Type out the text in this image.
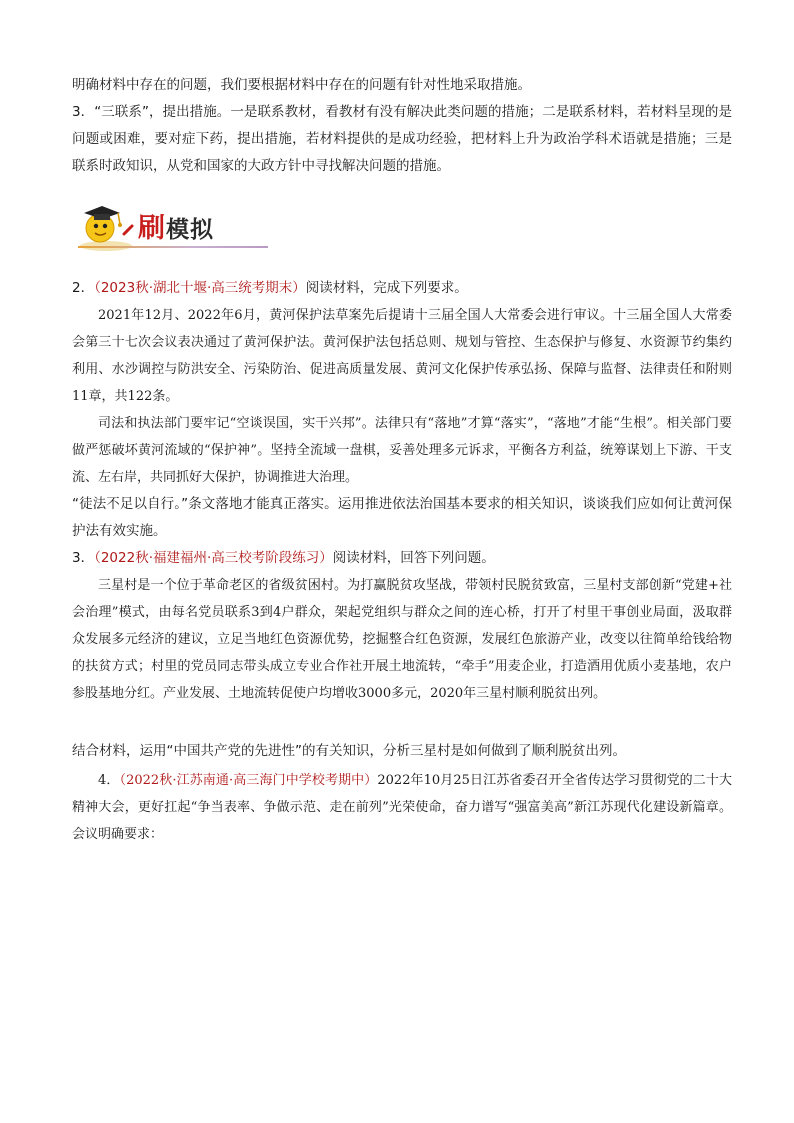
明确材料中存在的问题，我们要根据材料中存在的问题有针对性地采取措施。

3．“三联系”，提出措施。一是联系教材，看教材有没有解决此类问题的措施；二是联系材料，若材料呈现的是问题或困难，要对症下药，提出措施，若材料提供的是成功经验，把材料上升为政治学科术语就是措施；三是联系时政知识，从党和国家的大政方针中寻找解决问题的措施。

刷模拟

2．（2023秋·湖北十堰·高三统考期末）阅读材料，完成下列要求。

2021年12月、2022年6月，黄河保护法草案先后提请十三届全国人大常委会进行审议。十三届全国人大常委会第三十七次会议表决通过了黄河保护法。黄河保护法包括总则、规划与管控、生态保护与修复、水资源节约集约利用、水沙调控与防洪安全、污染防治、促进高质量发展、黄河文化保护传承弘扬、保障与监督、法律责任和附则11章，共122条。

司法和执法部门要牢记“空谈误国，实干兴邦”。法律只有“落地”才算“落实”，“落地”才能“生根”。相关部门要做严惩破坏黄河流域的“保护神”。坚持全流域一盘棋，妥善处理多元诉求，平衡各方利益，统筹谋划上下游、干支流、左右岸，共同抓好大保护，协调推进大治理。

“徒法不足以自行。”条文落地才能真正落实。运用推进依法治国基本要求的相关知识，谈谈我们应如何让黄河保护法有效实施。

3．（2022秋·福建福州·高三校考阶段练习）阅读材料，回答下列问题。

三星村是一个位于革命老区的省级贫困村。为打赢脱贫攻坚战，带领村民脱贫致富，三星村支部创新“党建+社会治理”模式，由每名党员联系3到4户群众，架起党组织与群众之间的连心桥，打开了村里干事创业局面，汲取群众发展多元经济的建议，立足当地红色资源优势，挖掘整合红色资源，发展红色旅游产业，改变以往简单给钱给物的扶贫方式；村里的党员同志带头成立专业合作社开展土地流转，“牵手”用麦企业，打造酒用优质小麦基地，农户参股基地分红。产业发展、土地流转促使户均增收3000多元，2020年三星村顺利脱贫出列。

结合材料，运用“中国共产党的先进性”的有关知识，分析三星村是如何做到了顺利脱贫出列。

4．（2022秋·江苏南通·高三海门中学校考期中）2022年10月25日江苏省委召开全省传达学习贯彻党的二十大精神大会，更好扛起“争当表率、争做示范、走在前列”光荣使命，奋力谱写“强富美高”新江苏现代化建设新篇章。会议明确要求：
